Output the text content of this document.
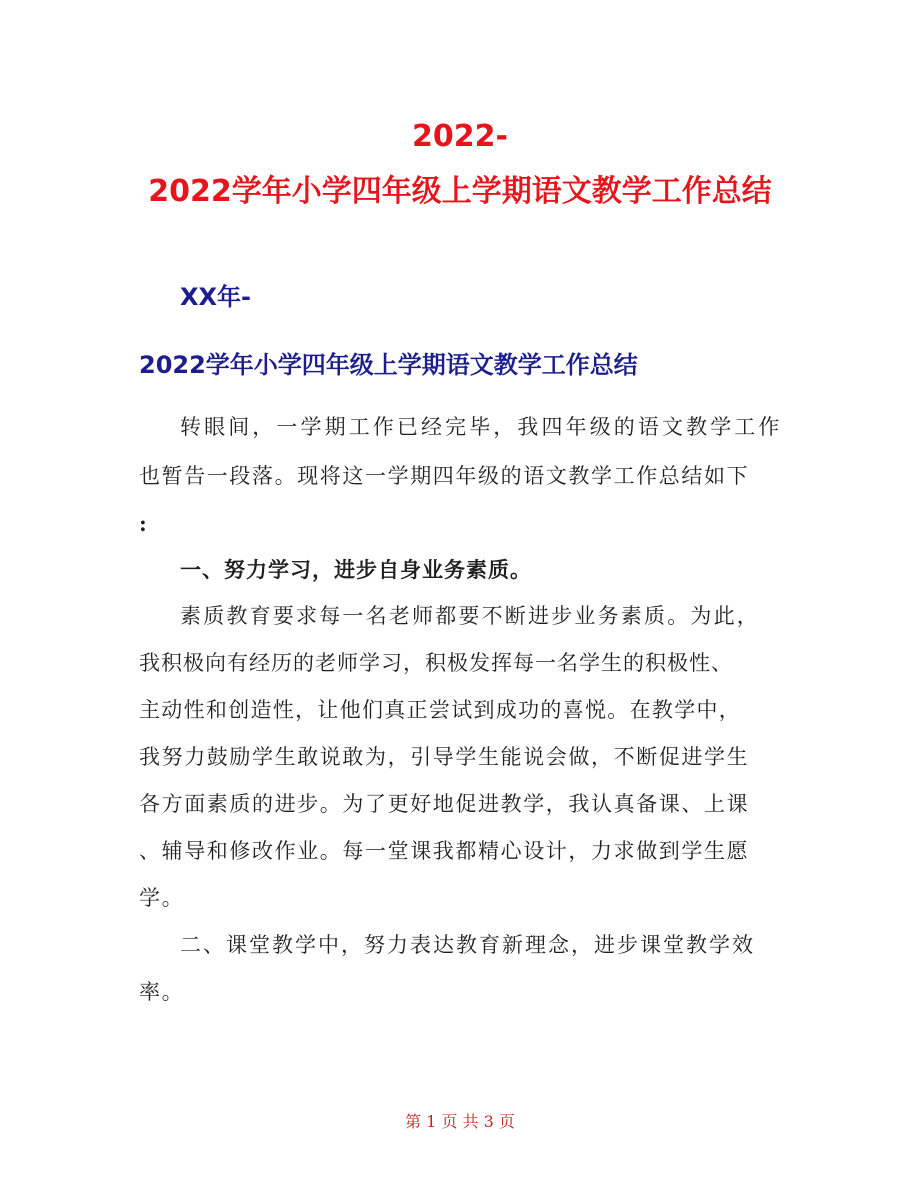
2022-
2022学年小学四年级上学期语文教学工作总结
XX年-
2022学年小学四年级上学期语文教学工作总结
转眼间，一学期工作已经完毕，我四年级的语文教学工作
也暂告一段落。现将这一学期四年级的语文教学工作总结如下
:
一、努力学习，进步自身业务素质。
素质教育要求每一名老师都要不断进步业务素质。为此，
我积极向有经历的老师学习，积极发挥每一名学生的积极性、
主动性和创造性，让他们真正尝试到成功的喜悦。在教学中，
我努力鼓励学生敢说敢为，引导学生能说会做，不断促进学生
各方面素质的进步。为了更好地促进教学，我认真备课、上课
、辅导和修改作业。每一堂课我都精心设计，力求做到学生愿
学。
二、课堂教学中，努力表达教育新理念，进步课堂教学效
率。
第 1 页 共 3 页
